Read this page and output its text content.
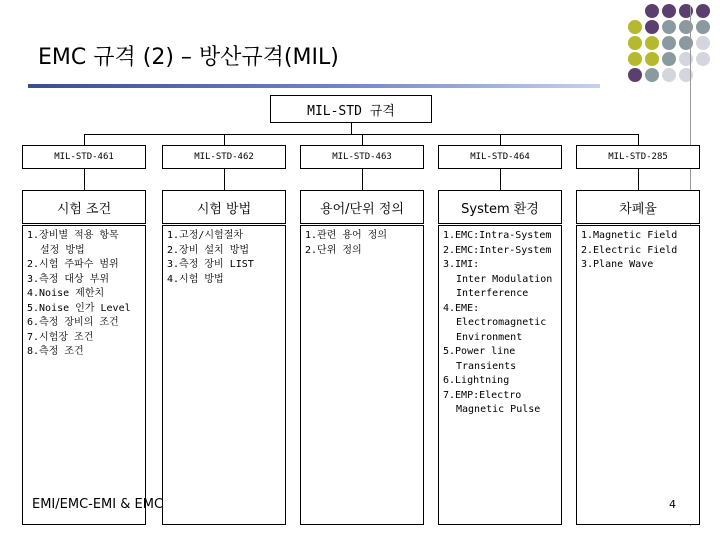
EMC 규격 (2) – 방산규격(MIL)
MIL-STD 규격
MIL-STD-461
시험 조건
1.장비별 적용 항목
설정 방법
2.시험 주파수 범위
3.측정 대상 부위
4.Noise 제한치
5.Noise 인가 Level
6.측정 장비의 조건
7.시험장 조건
8.측정 조건
MIL-STD-462
시험 방법
1.고정/시험절차
2.장비 설치 방법
3.측정 장비 LIST
4.시험 방법
MIL-STD-463
용어/단위 정의
1.관련 용어 정의
2.단위 정의
MIL-STD-464
System 환경
1.EMC:Intra-System
2.EMC:Inter-System
3.IMI:
Inter Modulation
Interference
4.EME:
Electromagnetic
Environment
5.Power line
Transients
6.Lightning
7.EMP:Electro
Magnetic Pulse
MIL-STD-285
차폐율
1.Magnetic Field
2.Electric Field
3.Plane Wave
EMI/EMC-EMI & EMC	4
